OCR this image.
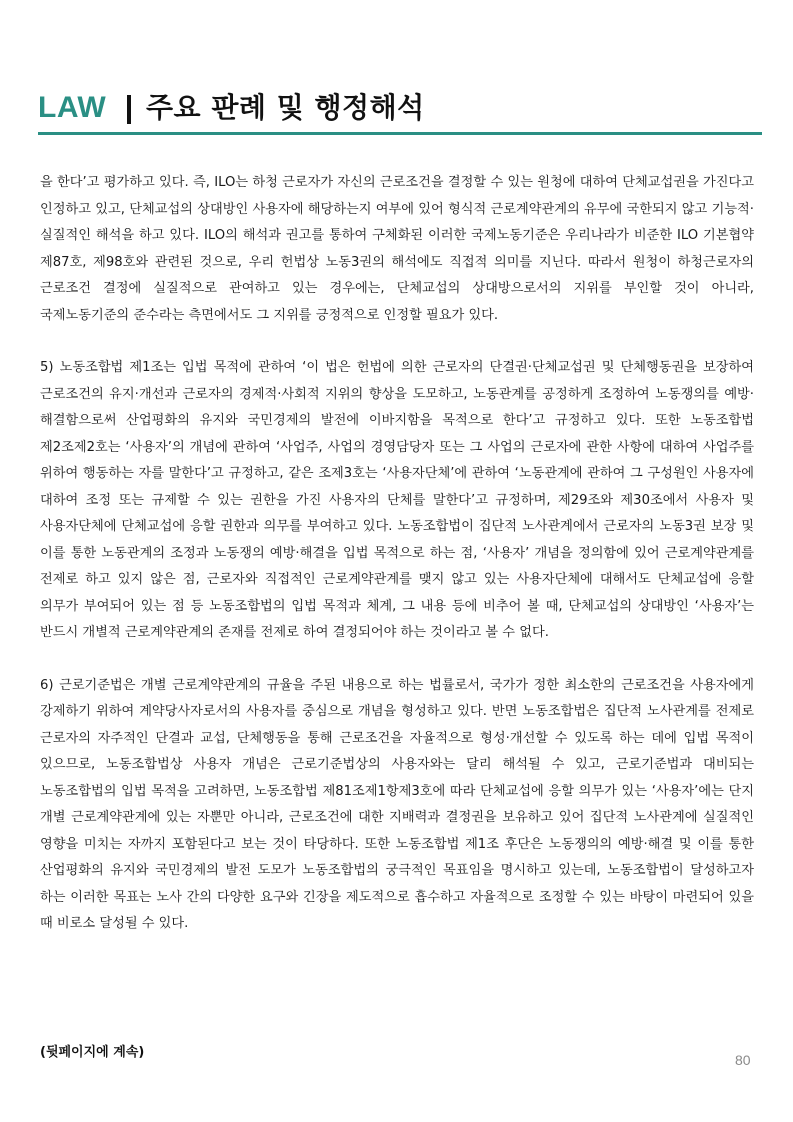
LAW 주요 판례 및 행정해석

을 한다’고 평가하고 있다. 즉, ILO는 하청 근로자가 자신의 근로조건을 결정할 수 있는 원청에 대하여 단체교섭권을 가진다고 인정하고 있고, 단체교섭의 상대방인 사용자에 해당하는지 여부에 있어 형식적 근로계약관계의 유무에 국한되지 않고 기능적·실질적인 해석을 하고 있다. ILO의 해석과 권고를 통하여 구체화된 이러한 국제노동기준은 우리나라가 비준한 ILO 기본협약 제87호, 제98호와 관련된 것으로, 우리 헌법상 노동3권의 해석에도 직접적 의미를 지닌다. 따라서 원청이 하청근로자의 근로조건 결정에 실질적으로 관여하고 있는 경우에는, 단체교섭의 상대방으로서의 지위를 부인할 것이 아니라, 국제노동기준의 준수라는 측면에서도 그 지위를 긍정적으로 인정할 필요가 있다.

5) 노동조합법 제1조는 입법 목적에 관하여 ‘이 법은 헌법에 의한 근로자의 단결권·단체교섭권 및 단체행동권을 보장하여 근로조건의 유지·개선과 근로자의 경제적·사회적 지위의 향상을 도모하고, 노동관계를 공정하게 조정하여 노동쟁의를 예방·해결함으로써 산업평화의 유지와 국민경제의 발전에 이바지함을 목적으로 한다’고 규정하고 있다. 또한 노동조합법 제2조제2호는 ‘사용자’의 개념에 관하여 ‘사업주, 사업의 경영담당자 또는 그 사업의 근로자에 관한 사항에 대하여 사업주를 위하여 행동하는 자를 말한다’고 규정하고, 같은 조제3호는 ‘사용자단체’에 관하여 ‘노동관계에 관하여 그 구성원인 사용자에 대하여 조정 또는 규제할 수 있는 권한을 가진 사용자의 단체를 말한다’고 규정하며, 제29조와 제30조에서 사용자 및 사용자단체에 단체교섭에 응할 권한과 의무를 부여하고 있다. 노동조합법이 집단적 노사관계에서 근로자의 노동3권 보장 및 이를 통한 노동관계의 조정과 노동쟁의 예방·해결을 입법 목적으로 하는 점, ‘사용자’ 개념을 정의함에 있어 근로계약관계를 전제로 하고 있지 않은 점, 근로자와 직접적인 근로계약관계를 맺지 않고 있는 사용자단체에 대해서도 단체교섭에 응할 의무가 부여되어 있는 점 등 노동조합법의 입법 목적과 체계, 그 내용 등에 비추어 볼 때, 단체교섭의 상대방인 ‘사용자’는 반드시 개별적 근로계약관계의 존재를 전제로 하여 결정되어야 하는 것이라고 볼 수 없다.

6) 근로기준법은 개별 근로계약관계의 규율을 주된 내용으로 하는 법률로서, 국가가 정한 최소한의 근로조건을 사용자에게 강제하기 위하여 계약당사자로서의 사용자를 중심으로 개념을 형성하고 있다. 반면 노동조합법은 집단적 노사관계를 전제로 근로자의 자주적인 단결과 교섭, 단체행동을 통해 근로조건을 자율적으로 형성·개선할 수 있도록 하는 데에 입법 목적이 있으므로, 노동조합법상 사용자 개념은 근로기준법상의 사용자와는 달리 해석될 수 있고, 근로기준법과 대비되는 노동조합법의 입법 목적을 고려하면, 노동조합법 제81조제1항제3호에 따라 단체교섭에 응할 의무가 있는 ‘사용자’에는 단지 개별 근로계약관계에 있는 자뿐만 아니라, 근로조건에 대한 지배력과 결정권을 보유하고 있어 집단적 노사관계에 실질적인 영향을 미치는 자까지 포함된다고 보는 것이 타당하다. 또한 노동조합법 제1조 후단은 노동쟁의의 예방·해결 및 이를 통한 산업평화의 유지와 국민경제의 발전 도모가 노동조합법의 궁극적인 목표임을 명시하고 있는데, 노동조합법이 달성하고자 하는 이러한 목표는 노사 간의 다양한 요구와 긴장을 제도적으로 흡수하고 자율적으로 조정할 수 있는 바탕이 마련되어 있을 때 비로소 달성될 수 있다.

(뒷페이지에 계속)	80
